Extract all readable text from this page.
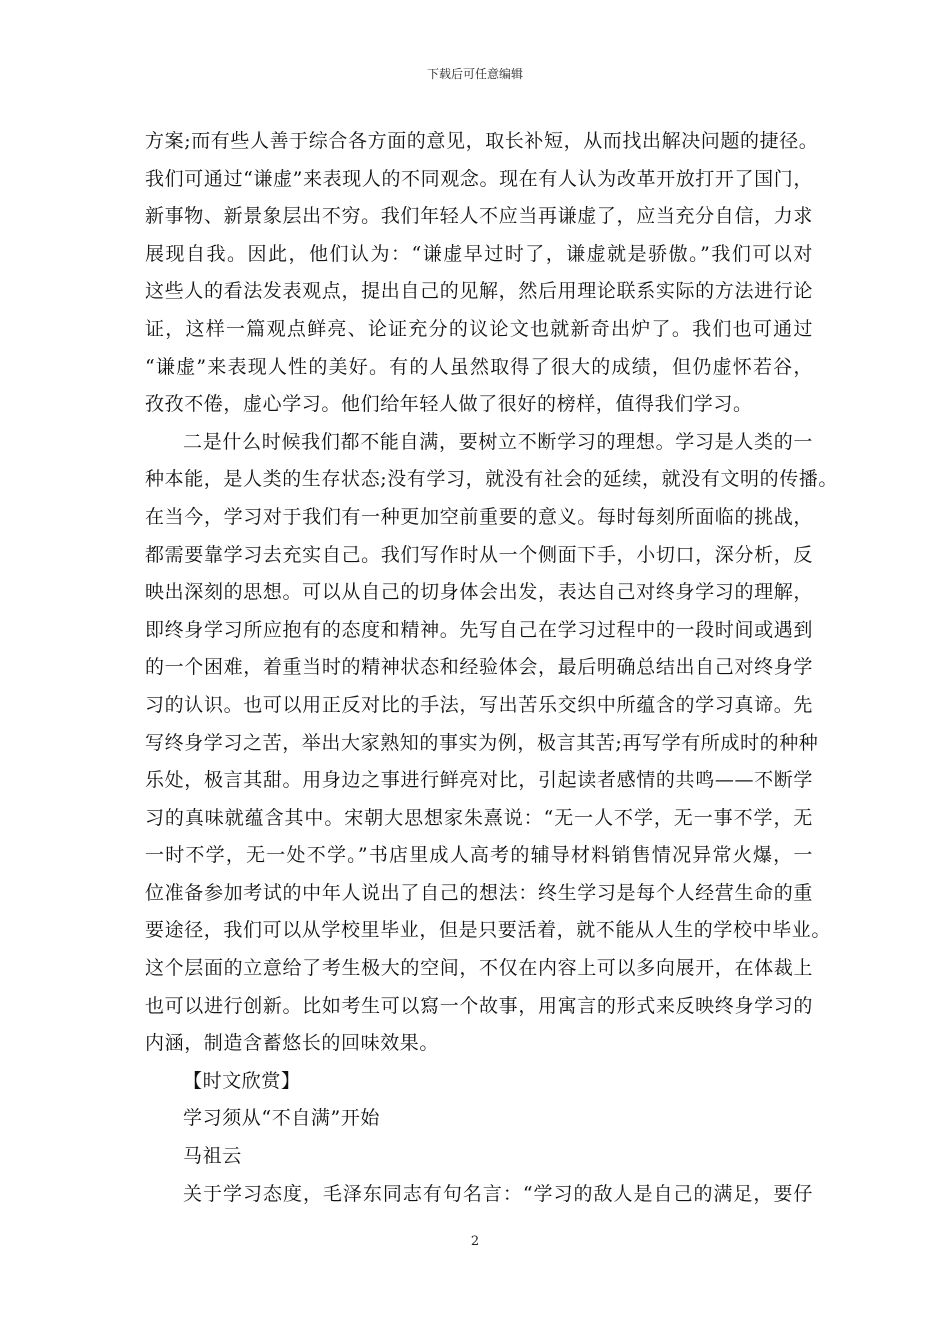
下载后可任意编辑
方案;而有些人善于综合各方面的意见，取长补短，从而找出解决问题的捷径。
我们可通过“谦虚”来表现人的不同观念。现在有人认为改革开放打开了国门，
新事物、新景象层出不穷。我们年轻人不应当再谦虚了，应当充分自信，力求
展现自我。因此，他们认为：“谦虚早过时了，谦虚就是骄傲。”我们可以对
这些人的看法发表观点，提出自己的见解，然后用理论联系实际的方法进行论
证，这样一篇观点鲜亮、论证充分的议论文也就新奇出炉了。我们也可通过
“谦虚”来表现人性的美好。有的人虽然取得了很大的成绩，但仍虚怀若谷，
孜孜不倦，虚心学习。他们给年轻人做了很好的榜样，值得我们学习。
二是什么时候我们都不能自满，要树立不断学习的理想。学习是人类的一
种本能，是人类的生存状态;没有学习，就没有社会的延续，就没有文明的传播。
在当今，学习对于我们有一种更加空前重要的意义。每时每刻所面临的挑战，
都需要靠学习去充实自己。我们写作时从一个侧面下手，小切口，深分析，反
映出深刻的思想。可以从自己的切身体会出发，表达自己对终身学习的理解，
即终身学习所应抱有的态度和精神。先写自己在学习过程中的一段时间或遇到
的一个困难，着重当时的精神状态和经验体会，最后明确总结出自己对终身学
习的认识。也可以用正反对比的手法，写出苦乐交织中所蕴含的学习真谛。先
写终身学习之苦，举出大家熟知的事实为例，极言其苦;再写学有所成时的种种
乐处，极言其甜。用身边之事进行鲜亮对比，引起读者感情的共鸣——不断学
习的真味就蕴含其中。宋朝大思想家朱熹说：“无一人不学，无一事不学，无
一时不学，无一处不学。”书店里成人高考的辅导材料销售情况异常火爆，一
位准备参加考试的中年人说出了自己的想法：终生学习是每个人经营生命的重
要途径，我们可以从学校里毕业，但是只要活着，就不能从人生的学校中毕业。
这个层面的立意给了考生极大的空间，不仅在内容上可以多向展开，在体裁上
也可以进行创新。比如考生可以寫一个故事，用寓言的形式来反映终身学习的
内涵，制造含蓄悠长的回味效果。
【时文欣赏】
学习须从“不自满”开始
马祖云
关于学习态度，毛泽东同志有句名言：“学习的敌人是自己的满足，要仔
2
